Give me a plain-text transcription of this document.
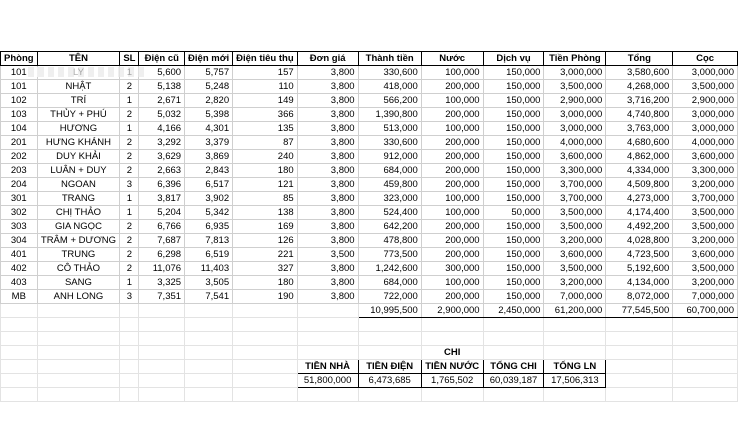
Phòng	TÊN	SL	Điện cũ	Điện mới	Điện tiêu thụ	Đơn giá	Thành tiền	Nước	Dịch vụ	Tiền Phòng	Tổng	Cọc
101			5,600	5,757	157	3,800	330,600	100,000	150,000	3,000,000	3,580,600	3,000,000
101	NHẬT	2	5,138	5,248	110	3,800	418,000	200,000	150,000	3,500,000	4,268,000	3,500,000
102	TRÍ	1	2,671	2,820	149	3,800	566,200	100,000	150,000	2,900,000	3,716,200	2,900,000
103	THỦY + PHÚ	2	5,032	5,398	366	3,800	1,390,800	200,000	150,000	3,000,000	4,740,800	3,000,000
104	HƯƠNG	1	4,166	4,301	135	3,800	513,000	100,000	150,000	3,000,000	3,763,000	3,000,000
201	HƯNG KHÁNH	2	3,292	3,379	87	3,800	330,600	200,000	150,000	4,000,000	4,680,600	4,000,000
202	DUY KHẢI	2	3,629	3,869	240	3,800	912,000	200,000	150,000	3,600,000	4,862,000	3,600,000
203	LUÂN + DUY	2	2,663	2,843	180	3,800	684,000	200,000	150,000	3,300,000	4,334,000	3,300,000
204	NGOAN	3	6,396	6,517	121	3,800	459,800	200,000	150,000	3,700,000	4,509,800	3,200,000
301	TRANG	1	3,817	3,902	85	3,800	323,000	100,000	150,000	3,700,000	4,273,000	3,700,000
302	CHỊ THẢO	1	5,204	5,342	138	3,800	524,400	100,000	50,000	3,500,000	4,174,400	3,500,000
303	GIA NGỌC	2	6,766	6,935	169	3,800	642,200	200,000	150,000	3,500,000	4,492,200	3,500,000
304	TRÂM + DƯƠNG	2	7,687	7,813	126	3,800	478,800	200,000	150,000	3,200,000	4,028,800	3,200,000
401	TRUNG	2	6,298	6,519	221	3,500	773,500	200,000	150,000	3,600,000	4,723,500	3,600,000
402	CÔ THẢO	2	11,076	11,403	327	3,800	1,242,600	300,000	150,000	3,500,000	5,192,600	3,500,000
403	SANG	1	3,325	3,505	180	3,800	684,000	100,000	150,000	3,200,000	4,134,000	3,200,000
MB	ANH LONG	3	7,351	7,541	190	3,800	722,000	200,000	150,000	7,000,000	8,072,000	7,000,000
							10,995,500	2,900,000	2,450,000	61,200,000	77,545,500	60,700,000

								CHI				
						TIỀN NHÀ	TIỀN ĐIỆN	TIỀN NƯỚC	TỔNG CHI	TỔNG LN		
						51,800,000	6,473,685	1,765,502	60,039,187	17,506,313		
